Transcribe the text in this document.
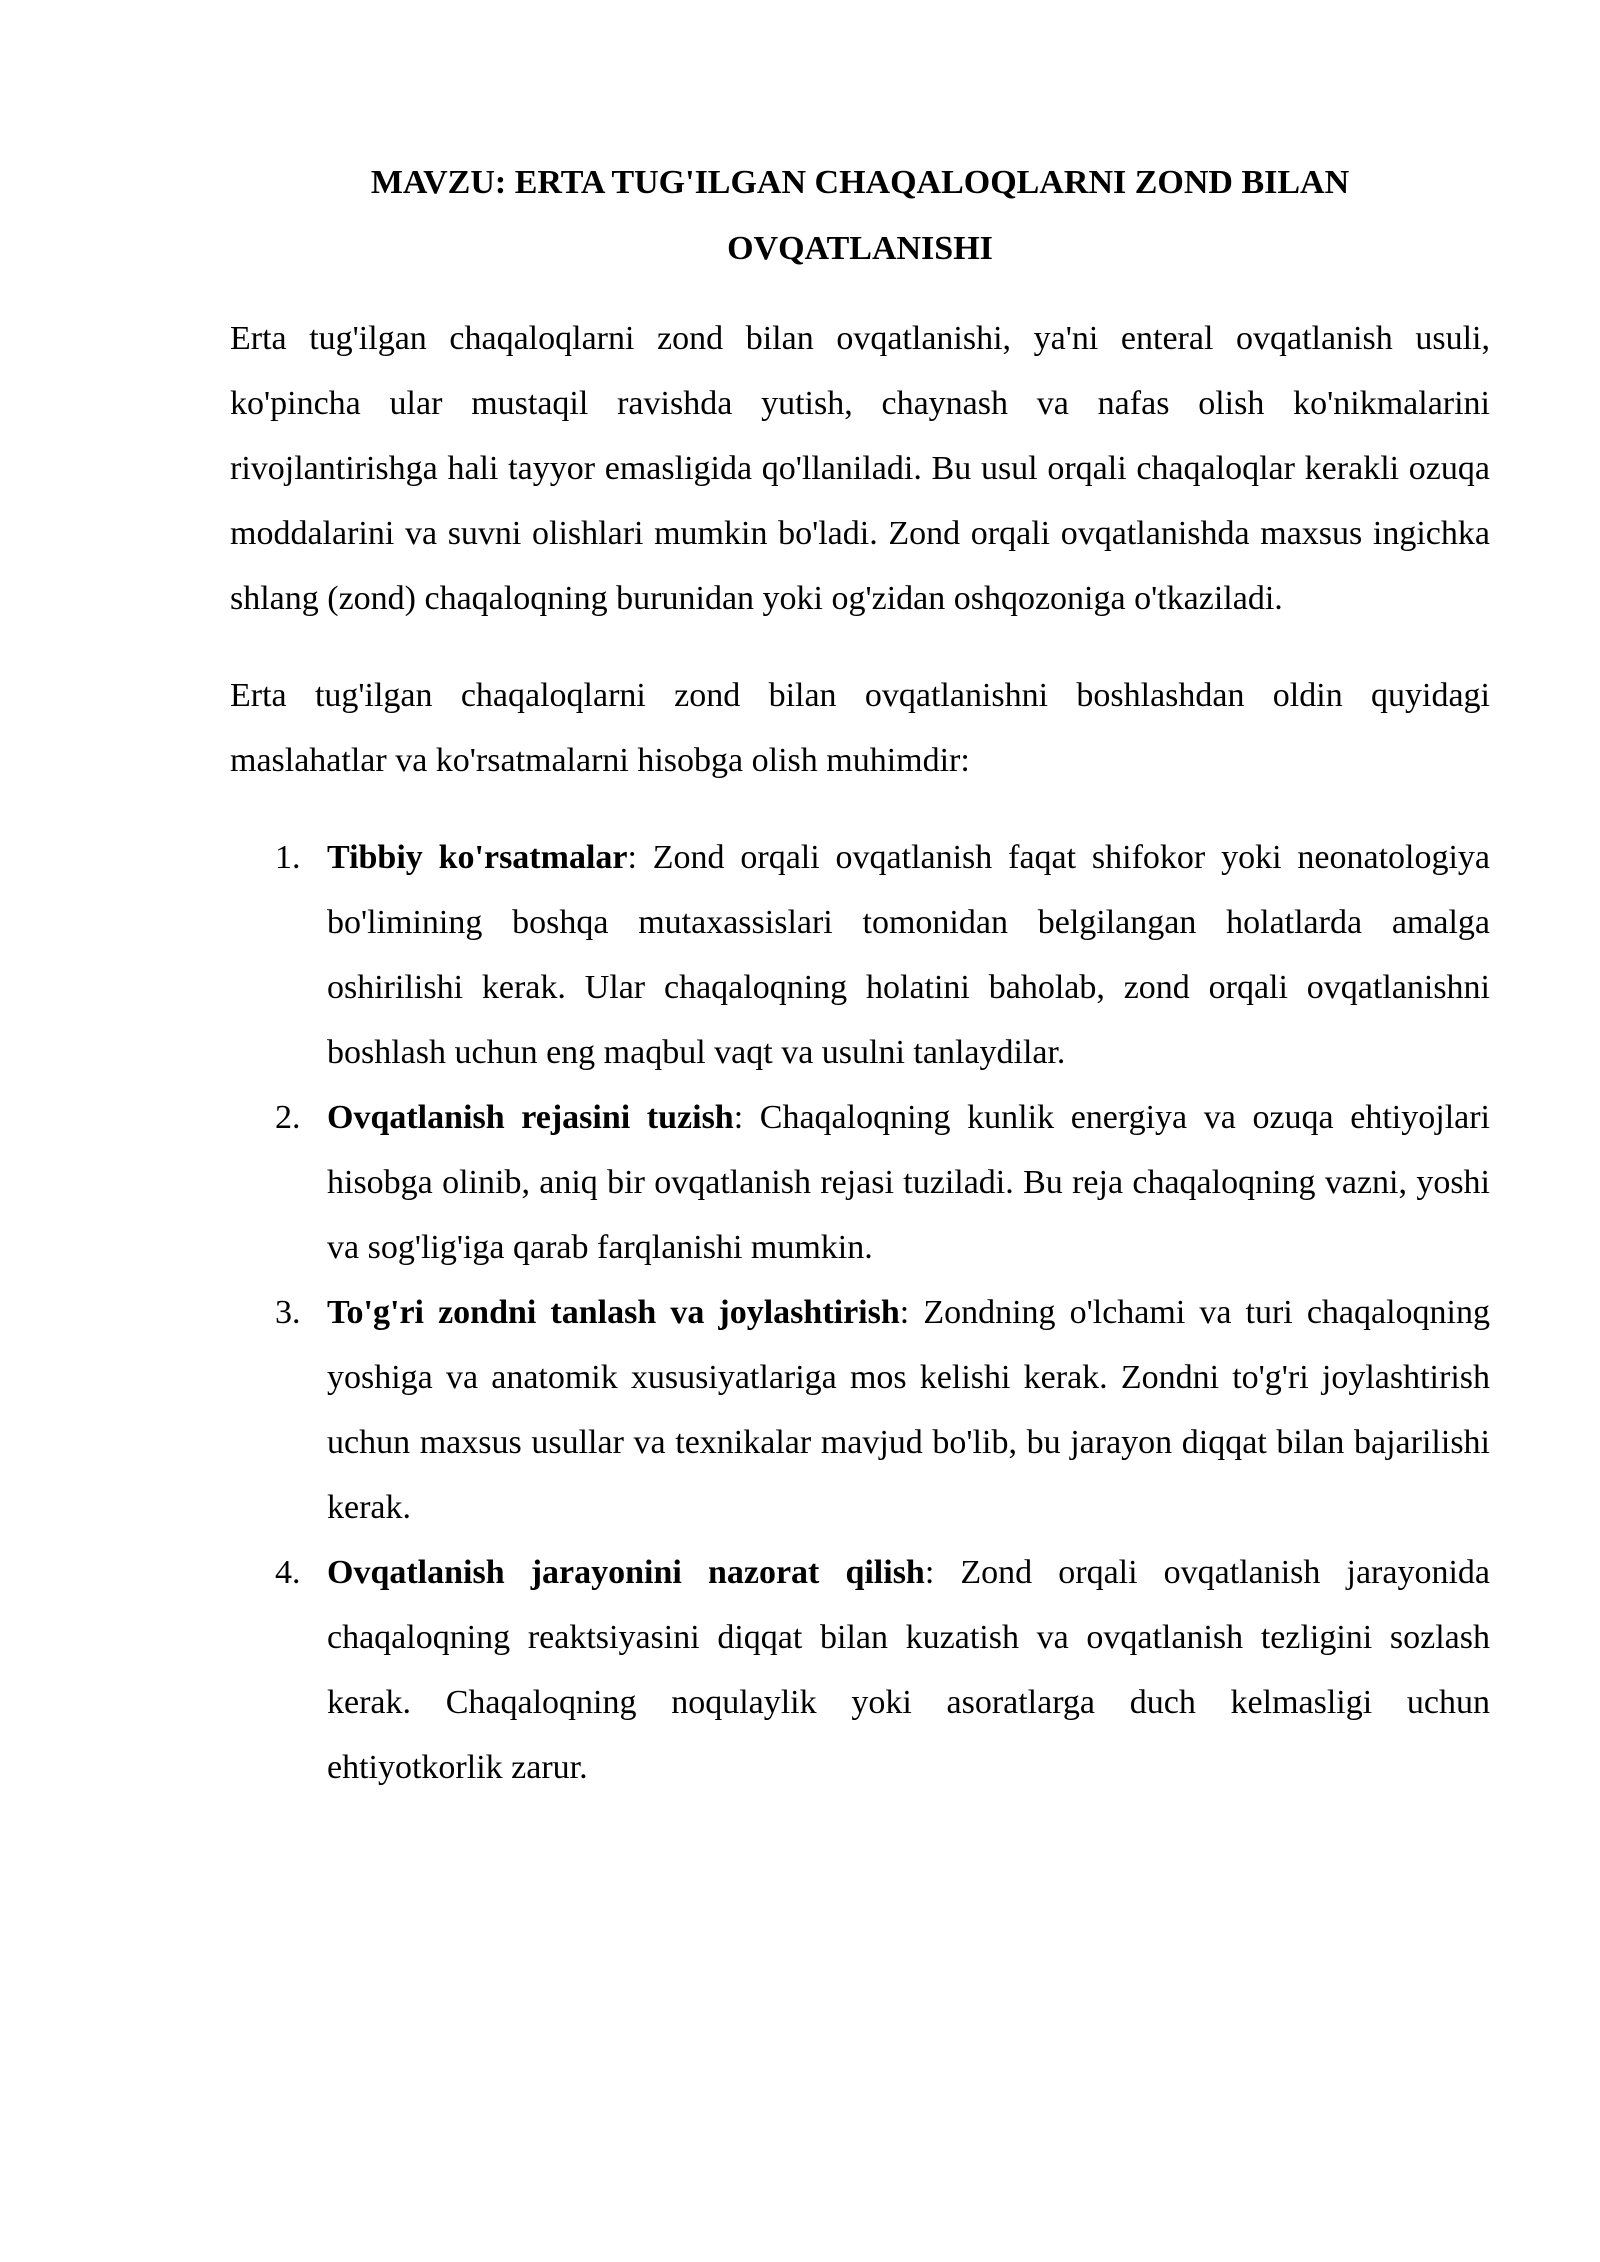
MAVZU: ERTA TUG'ILGAN CHAQALOQLARNI ZOND BILAN OVQATLANISHI

Erta tug'ilgan chaqaloqlarni zond bilan ovqatlanishi, ya'ni enteral ovqatlanish usuli, ko'pincha ular mustaqil ravishda yutish, chaynash va nafas olish ko'nikmalarini rivojlantirishga hali tayyor emasligida qo'llaniladi. Bu usul orqali chaqaloqlar kerakli ozuqa moddalarini va suvni olishlari mumkin bo'ladi. Zond orqali ovqatlanishda maxsus ingichka shlang (zond) chaqaloqning burunidan yoki og'zidan oshqozoniga o'tkaziladi.

Erta tug'ilgan chaqaloqlarni zond bilan ovqatlanishni boshlashdan oldin quyidagi maslahatlar va ko'rsatmalarni hisobga olish muhimdir:

1. Tibbiy ko'rsatmalar: Zond orqali ovqatlanish faqat shifokor yoki neonatologiya bo'limining boshqa mutaxassislari tomonidan belgilangan holatlarda amalga oshirilishi kerak. Ular chaqaloqning holatini baholab, zond orqali ovqatlanishni boshlash uchun eng maqbul vaqt va usulni tanlaydilar.
2. Ovqatlanish rejasini tuzish: Chaqaloqning kunlik energiya va ozuqa ehtiyojlari hisobga olinib, aniq bir ovqatlanish rejasi tuziladi. Bu reja chaqaloqning vazni, yoshi va sog'lig'iga qarab farqlanishi mumkin.
3. To'g'ri zondni tanlash va joylashtirish: Zondning o'lchami va turi chaqaloqning yoshiga va anatomik xususiyatlariga mos kelishi kerak. Zondni to'g'ri joylashtirish uchun maxsus usullar va texnikalar mavjud bo'lib, bu jarayon diqqat bilan bajarilishi kerak.
4. Ovqatlanish jarayonini nazorat qilish: Zond orqali ovqatlanish jarayonida chaqaloqning reaktsiyasini diqqat bilan kuzatish va ovqatlanish tezligini sozlash kerak. Chaqaloqning noqulaylik yoki asoratlarga duch kelmasligi uchun ehtiyotkorlik zarur.
